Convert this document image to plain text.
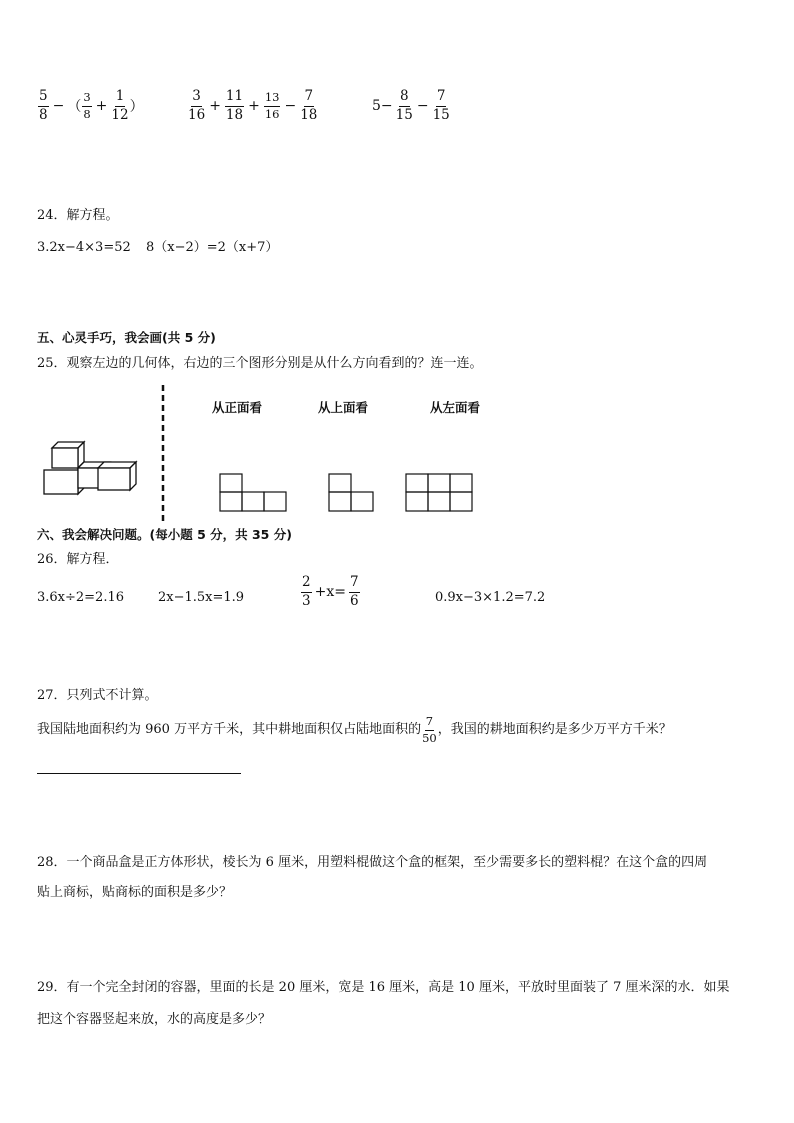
$\frac{5}{8}$ − （ $\frac{3}{8} + \frac{1}{12}$ ）	$\frac{3}{16} + \frac{11}{18} + \frac{13}{16} - \frac{7}{18}$	$5- \frac{8}{15} - \frac{7}{15}$
24．解方程。
3.2x−4×3=52 8（x−2）=2（x+7）
五、心灵手巧，我会画(共 5 分)
25．观察左边的几何体，右边的三个图形分别是从什么方向看到的？连一连。
从正面看	从上面看	从左面看
六、我会解决问题。(每小题 5 分，共 35 分)
26．解方程．
3.6x÷2=2.16	2x−1.5x=1.9	$\frac{2}{3} +x= \frac{7}{6}$	0.9x−3×1.2=7.2
27．只列式不计算。
我国陆地面积约为 960 万平方千米，其中耕地面积仅占陆地面积的 $\frac{7}{50}$ ，我国的耕地面积约是多少万平方千米？
28．一个商品盒是正方体形状，棱长为 6 厘米，用塑料棍做这个盒的框架，至少需要多长的塑料棍？在这个盒的四周
贴上商标，贴商标的面积是多少？
29．有一个完全封闭的容器，里面的长是 20 厘米，宽是 16 厘米，高是 10 厘米，平放时里面装了 7 厘米深的水．如果
把这个容器竖起来放，水的高度是多少？
